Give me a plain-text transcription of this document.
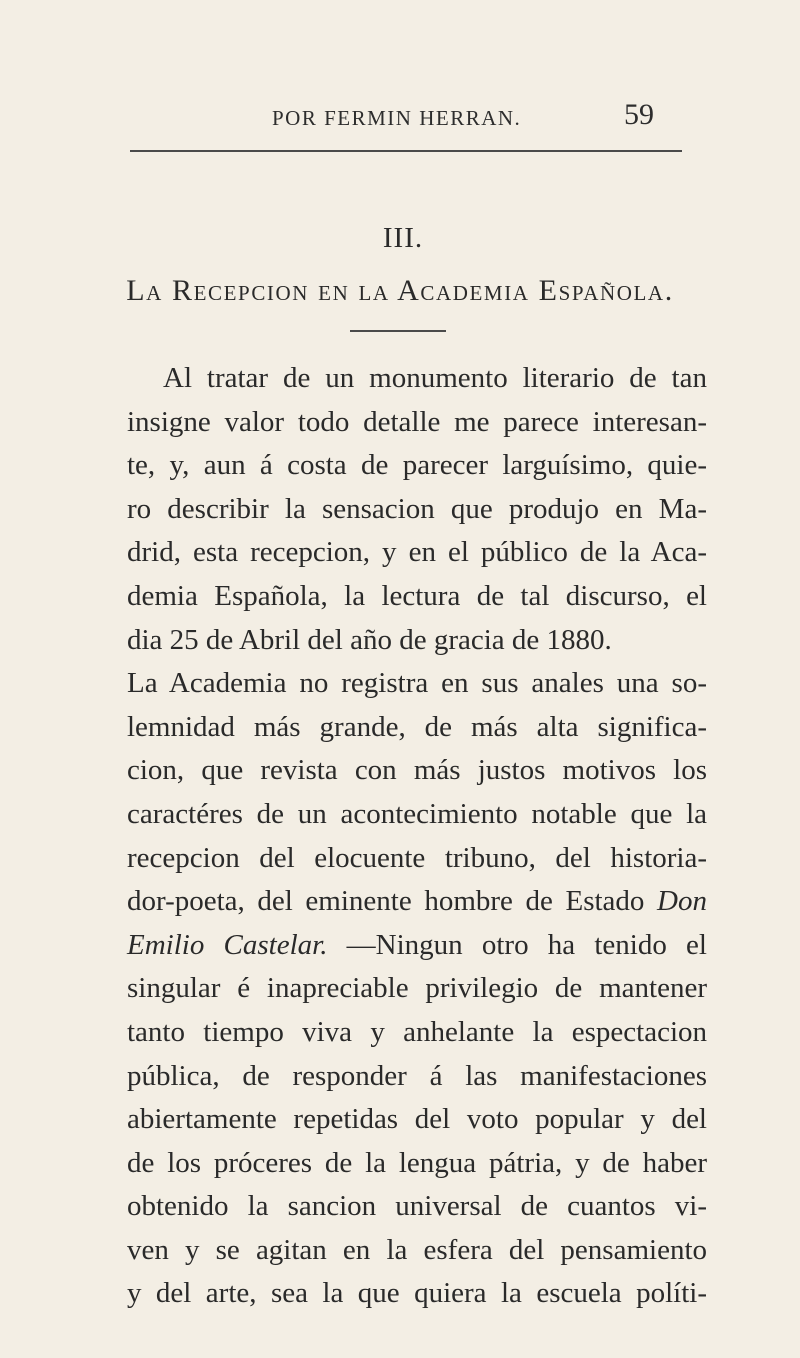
POR FERMIN HERRAN.	59
III.
La Recepcion en la Academia Española.
Al tratar de un monumento literario de tan
insigne valor todo detalle me parece interesan-
te, y, aun á costa de parecer larguísimo, quie-
ro describir la sensacion que produjo en Ma-
drid, esta recepcion, y en el público de la Aca-
demia Española, la lectura de tal discurso, el
dia 25 de Abril del año de gracia de 1880.
La Academia no registra en sus anales una so-
lemnidad más grande, de más alta significa-
cion, que revista con más justos motivos los
caractéres de un acontecimiento notable que la
recepcion del elocuente tribuno, del historia-
dor-poeta, del eminente hombre de Estado Don
Emilio Castelar. —Ningun otro ha tenido el
singular é inapreciable privilegio de mantener
tanto tiempo viva y anhelante la espectacion
pública, de responder á las manifestaciones
abiertamente repetidas del voto popular y del
de los próceres de la lengua pátria, y de haber
obtenido la sancion universal de cuantos vi-
ven y se agitan en la esfera del pensamiento
y del arte, sea la que quiera la escuela políti-
